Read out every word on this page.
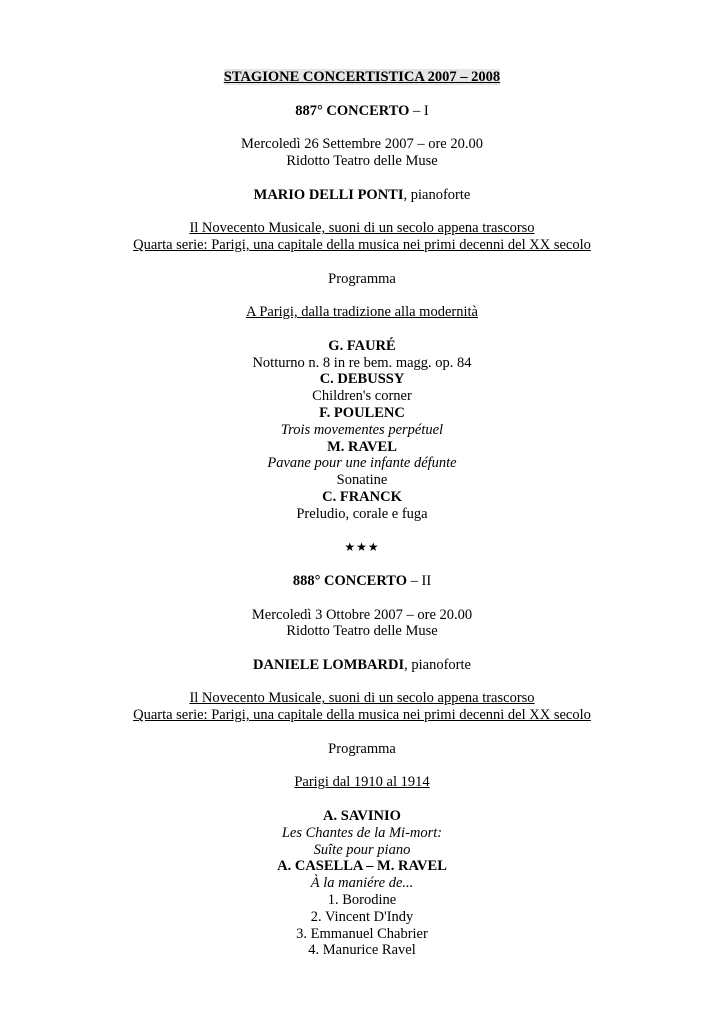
STAGIONE CONCERTISTICA 2007 – 2008
887° CONCERTO – I
Mercoledì 26 Settembre 2007 – ore 20.00
Ridotto Teatro delle Muse
MARIO DELLI PONTI, pianoforte
Il Novecento Musicale, suoni di un secolo appena trascorso
Quarta serie: Parigi, una capitale della musica nei primi decenni del XX secolo
Programma
A Parigi, dalla tradizione alla modernità
G. FAURÉ
Notturno n. 8 in re bem. magg. op. 84
C. DEBUSSY
Children's corner
F. POULENC
Trois movementes perpétuel
M. RAVEL
Pavane pour une infante défunte
Sonatine
C. FRANCK
Preludio, corale e fuga
★★★
888° CONCERTO – II
Mercoledì 3 Ottobre 2007 – ore 20.00
Ridotto Teatro delle Muse
DANIELE LOMBARDI, pianoforte
Il Novecento Musicale, suoni di un secolo appena trascorso
Quarta serie: Parigi, una capitale della musica nei primi decenni del XX secolo
Programma
Parigi dal 1910 al 1914
A. SAVINIO
Les Chantes de la Mi-mort:
Suîte pour piano
A. CASELLA – M. RAVEL
À la maniére de...
1. Borodine
2. Vincent D'Indy
3. Emmanuel Chabrier
4. Manurice Ravel
